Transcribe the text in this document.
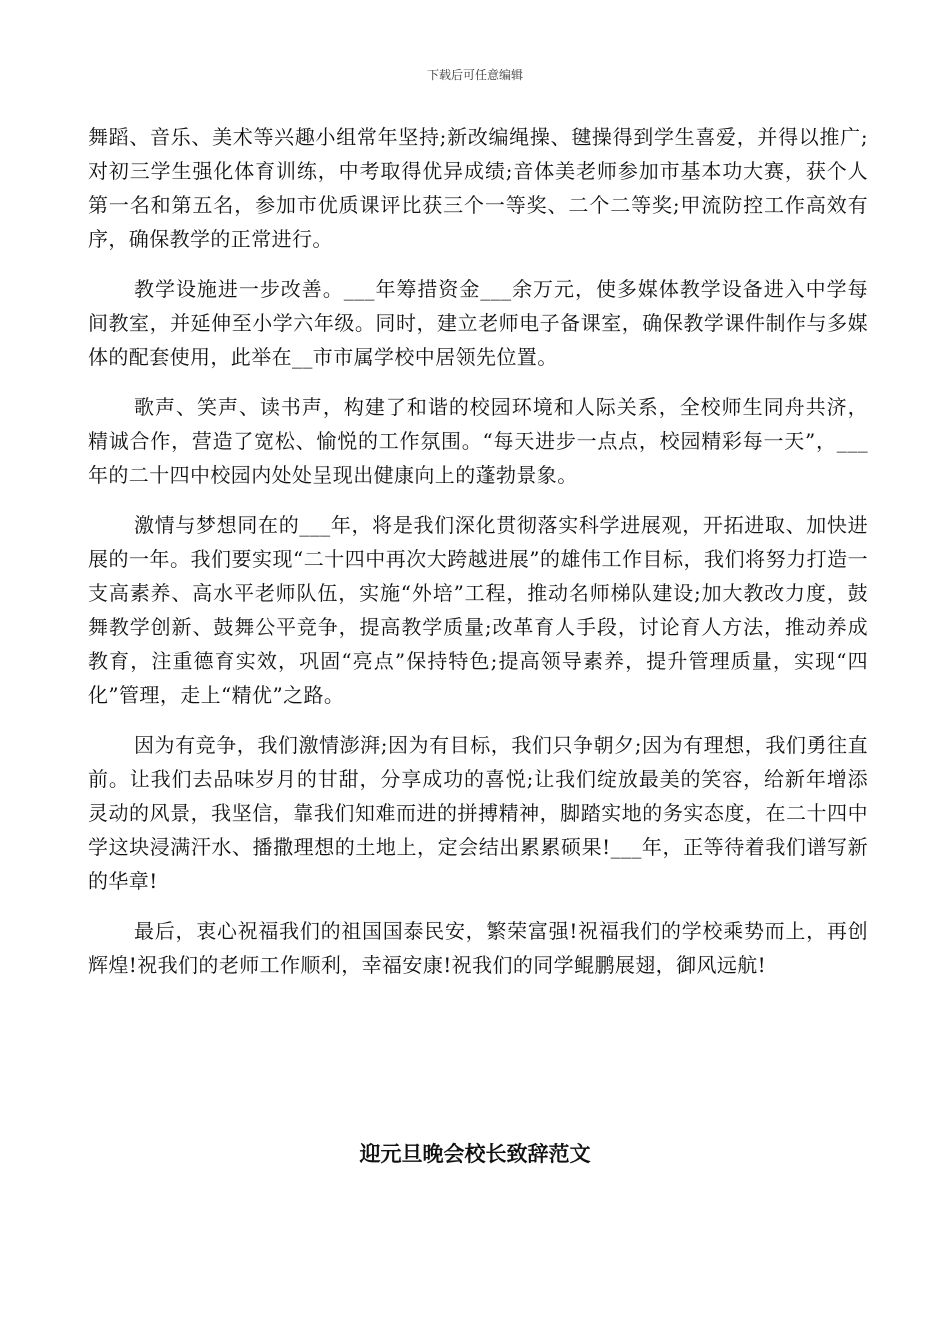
下载后可任意编辑

舞蹈、音乐、美术等兴趣小组常年坚持;新改编绳操、毽操得到学生喜爱，并得以推广;对初三学生强化体育训练，中考取得优异成绩;音体美老师参加市基本功大赛，获个人第一名和第五名，参加市优质课评比获三个一等奖、二个二等奖;甲流防控工作高效有序，确保教学的正常进行。

教学设施进一步改善。___年筹措资金___余万元，使多媒体教学设备进入中学每间教室，并延伸至小学六年级。同时，建立老师电子备课室，确保教学课件制作与多媒体的配套使用，此举在__市市属学校中居领先位置。

歌声、笑声、读书声，构建了和谐的校园环境和人际关系，全校师生同舟共济，精诚合作，营造了宽松、愉悦的工作氛围。“每天进步一点点，校园精彩每一天”，___年的二十四中校园内处处呈现出健康向上的蓬勃景象。

激情与梦想同在的___年，将是我们深化贯彻落实科学进展观，开拓进取、加快进展的一年。我们要实现“二十四中再次大跨越进展”的雄伟工作目标，我们将努力打造一支高素养、高水平老师队伍，实施“外培”工程，推动名师梯队建设;加大教改力度，鼓舞教学创新、鼓舞公平竞争，提高教学质量;改革育人手段，讨论育人方法，推动养成教育，注重德育实效，巩固“亮点”保持特色;提高领导素养，提升管理质量，实现“四化”管理，走上“精优”之路。

因为有竞争，我们激情澎湃;因为有目标，我们只争朝夕;因为有理想，我们勇往直前。让我们去品味岁月的甘甜，分享成功的喜悦;让我们绽放最美的笑容，给新年增添灵动的风景，我坚信，靠我们知难而进的拼搏精神，脚踏实地的务实态度，在二十四中学这块浸满汗水、播撒理想的土地上，定会结出累累硕果!___年，正等待着我们谱写新的华章!

最后，衷心祝福我们的祖国国泰民安，繁荣富强!祝福我们的学校乘势而上，再创辉煌!祝我们的老师工作顺利，幸福安康!祝我们的同学鲲鹏展翅，御风远航!

迎元旦晚会校长致辞范文
